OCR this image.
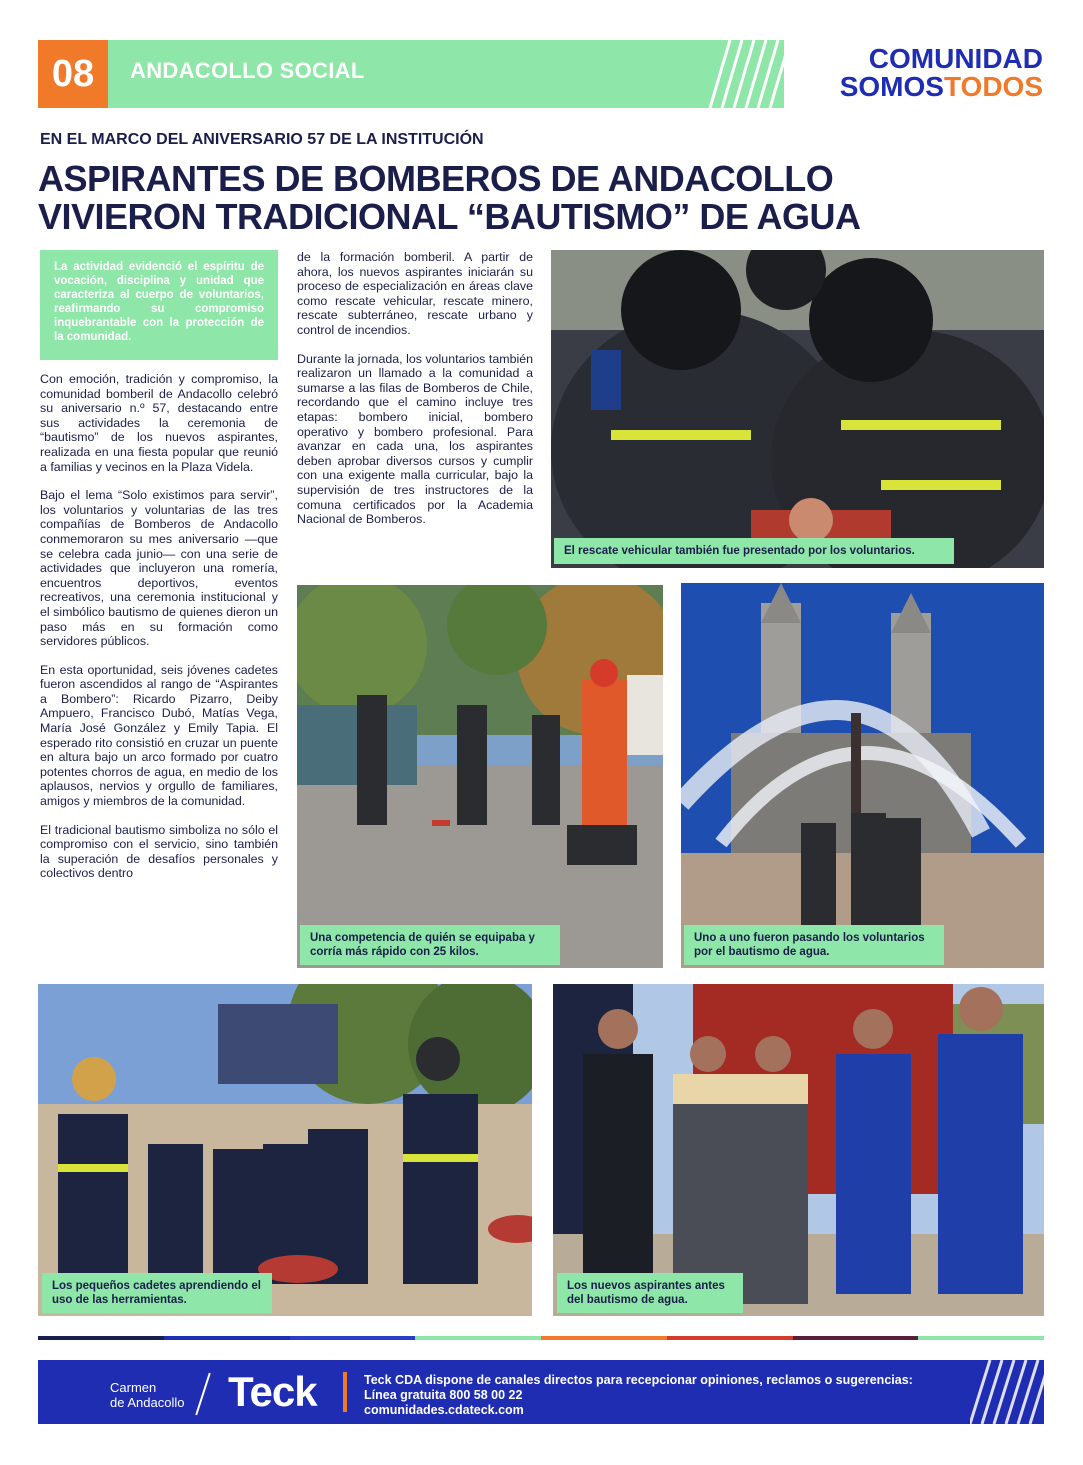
08	ANDACOLLO SOCIAL	COMUNIDAD
SOMOSTODOS
EN EL MARCO DEL ANIVERSARIO 57 DE LA INSTITUCIÓN
ASPIRANTES DE BOMBEROS DE ANDACOLLO
VIVIERON TRADICIONAL “BAUTISMO” DE AGUA
La actividad evidenció el espíritu de vocación, disciplina y unidad que caracteriza al cuerpo de voluntarios, reafirmando su compromiso inquebrantable con la protección de la comunidad.

Con emoción, tradición y compromiso, la comunidad bomberil de Andacollo celebró su aniversario n.º 57, destacando entre sus actividades la ceremonia de “bautismo” de los nuevos aspirantes, realizada en una fiesta popular que reunió a familias y vecinos en la Plaza Videla.

Bajo el lema “Solo existimos para servir”, los voluntarios y voluntarias de las tres compañías de Bomberos de Andacollo conmemoraron su mes aniversario —que se celebra cada junio— con una serie de actividades que incluyeron una romería, encuentros deportivos, eventos recreativos, una ceremonia institucional y el simbólico bautismo de quienes dieron un paso más en su formación como servidores públicos.

En esta oportunidad, seis jóvenes cadetes fueron ascendidos al rango de “Aspirantes a Bombero”: Ricardo Pizarro, Deiby Ampuero, Francisco Dubó, Matías Vega, María José González y Emily Tapia. El esperado rito consistió en cruzar un puente en altura bajo un arco formado por cuatro potentes chorros de agua, en medio de los aplausos, nervios y orgullo de familiares, amigos y miembros de la comunidad.

El tradicional bautismo simboliza no sólo el compromiso con el servicio, sino también la superación de desafíos personales y colectivos dentro

de la formación bomberil. A partir de ahora, los nuevos aspirantes iniciarán su proceso de especialización en áreas clave como rescate vehicular, rescate minero, rescate subterráneo, rescate urbano y control de incendios.

Durante la jornada, los voluntarios también realizaron un llamado a la comunidad a sumarse a las filas de Bomberos de Chile, recordando que el camino incluye tres etapas: bombero inicial, bombero operativo y bombero profesional. Para avanzar en cada una, los aspirantes deben aprobar diversos cursos y cumplir con una exigente malla curricular, bajo la supervisión de tres instructores de la comuna certificados por la Academia Nacional de Bomberos.

El rescate vehicular también fue presentado por los voluntarios.
Una competencia de quién se equipaba y corría más rápido con 25 kilos.
Uno a uno fueron pasando los voluntarios por el bautismo de agua.
Los pequeños cadetes aprendiendo el uso de las herramientas.
Los nuevos aspirantes antes del bautismo de agua.
Carmen
de Andacollo Teck	Teck CDA dispone de canales directos para recepcionar opiniones, reclamos o sugerencias:
Línea gratuita 800 58 00 22
comunidades.cdateck.com
